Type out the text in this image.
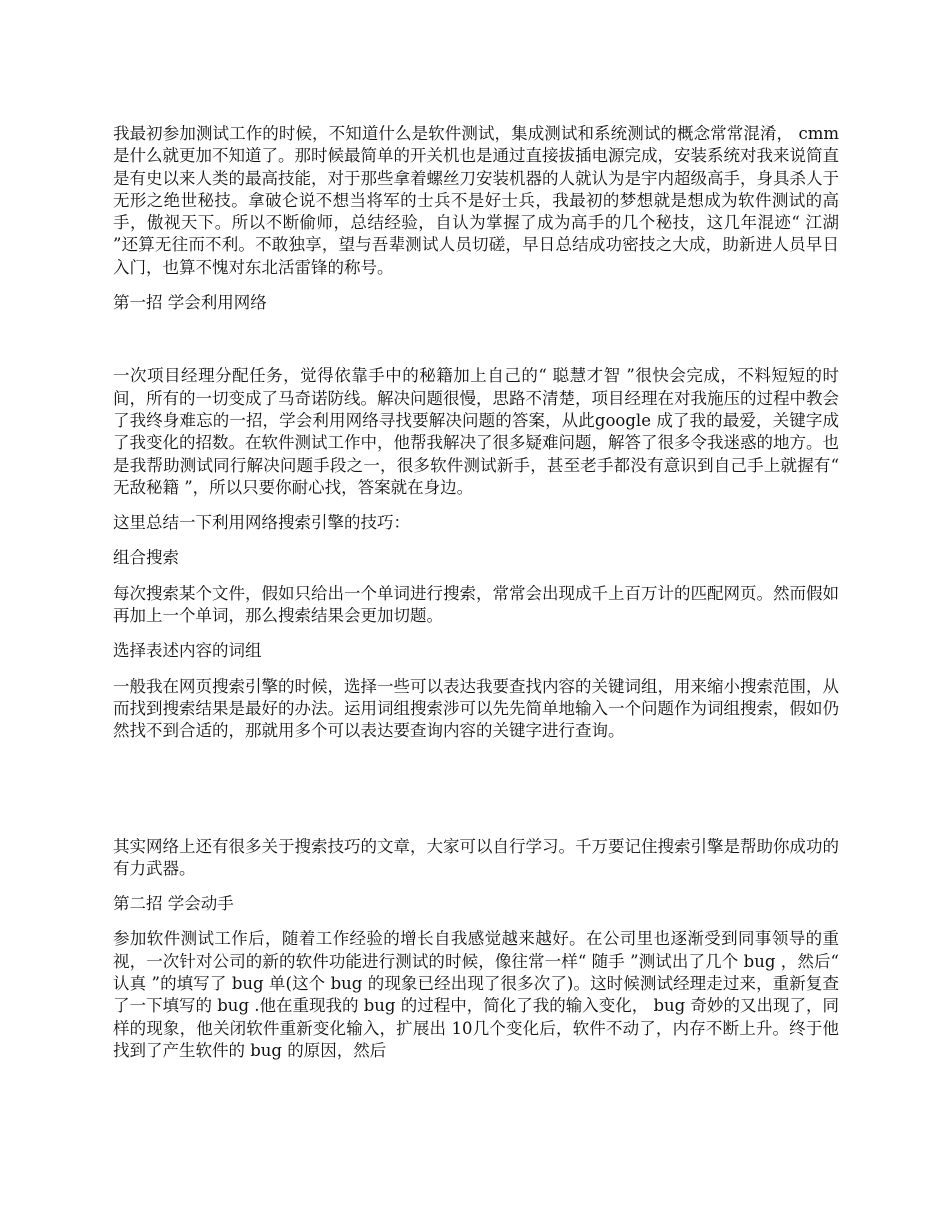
我最初参加测试工作的时候，不知道什么是软件测试，集成测试和系统测试的概念常常混淆， cmm 是什么就更加不知道了。那时候最简单的开关机也是通过直接拔插电源完成，安装系统对我来说简直是有史以来人类的最高技能，对于那些拿着螺丝刀安装机器的人就认为是宇内超级高手，身具杀人于无形之绝世秘技。拿破仑说不想当将军的士兵不是好士兵，我最初的梦想就是想成为软件测试的高手，傲视天下。所以不断偷师，总结经验，自认为掌握了成为高手的几个秘技，这几年混迹“ 江湖 ”还算无往而不利。不敢独享，望与吾辈测试人员切磋，早日总结成功密技之大成，助新进人员早日入门，也算不愧对东北活雷锋的称号。

第一招 学会利用网络

一次项目经理分配任务，觉得依靠手中的秘籍加上自己的“ 聪慧才智 ”很快会完成，不料短短的时间，所有的一切变成了马奇诺防线。解决问题很慢，思路不清楚，项目经理在对我施压的过程中教会了我终身难忘的一招，学会利用网络寻找要解决问题的答案，从此google 成了我的最爱，关键字成了我变化的招数。在软件测试工作中，他帮我解决了很多疑难问题，解答了很多令我迷惑的地方。也是我帮助测试同行解决问题手段之一，很多软件测试新手，甚至老手都没有意识到自己手上就握有“ 无敌秘籍 ”，所以只要你耐心找，答案就在身边。

这里总结一下利用网络搜索引擎的技巧：

组合搜索

每次搜索某个文件，假如只给出一个单词进行搜索，常常会出现成千上百万计的匹配网页。然而假如再加上一个单词，那么搜索结果会更加切题。

选择表述内容的词组

一般我在网页搜索引擎的时候，选择一些可以表达我要查找内容的关键词组，用来缩小搜索范围，从而找到搜索结果是最好的办法。运用词组搜索涉可以先先简单地输入一个问题作为词组搜索，假如仍然找不到合适的，那就用多个可以表达要查询内容的关键字进行查询。

其实网络上还有很多关于搜索技巧的文章，大家可以自行学习。千万要记住搜索引擎是帮助你成功的有力武器。

第二招 学会动手

参加软件测试工作后，随着工作经验的增长自我感觉越来越好。在公司里也逐渐受到同事领导的重视，一次针对公司的新的软件功能进行测试的时候，像往常一样“ 随手 ”测试出了几个 bug ，然后“ 认真 ”的填写了 bug 单(这个 bug 的现象已经出现了很多次了)。这时候测试经理走过来，重新复查了一下填写的 bug .他在重现我的 bug 的过程中，简化了我的输入变化， bug 奇妙的又出现了，同样的现象，他关闭软件重新变化输入，扩展出 10几个变化后，软件不动了，内存不断上升。终于他找到了产生软件的 bug 的原因，然后
